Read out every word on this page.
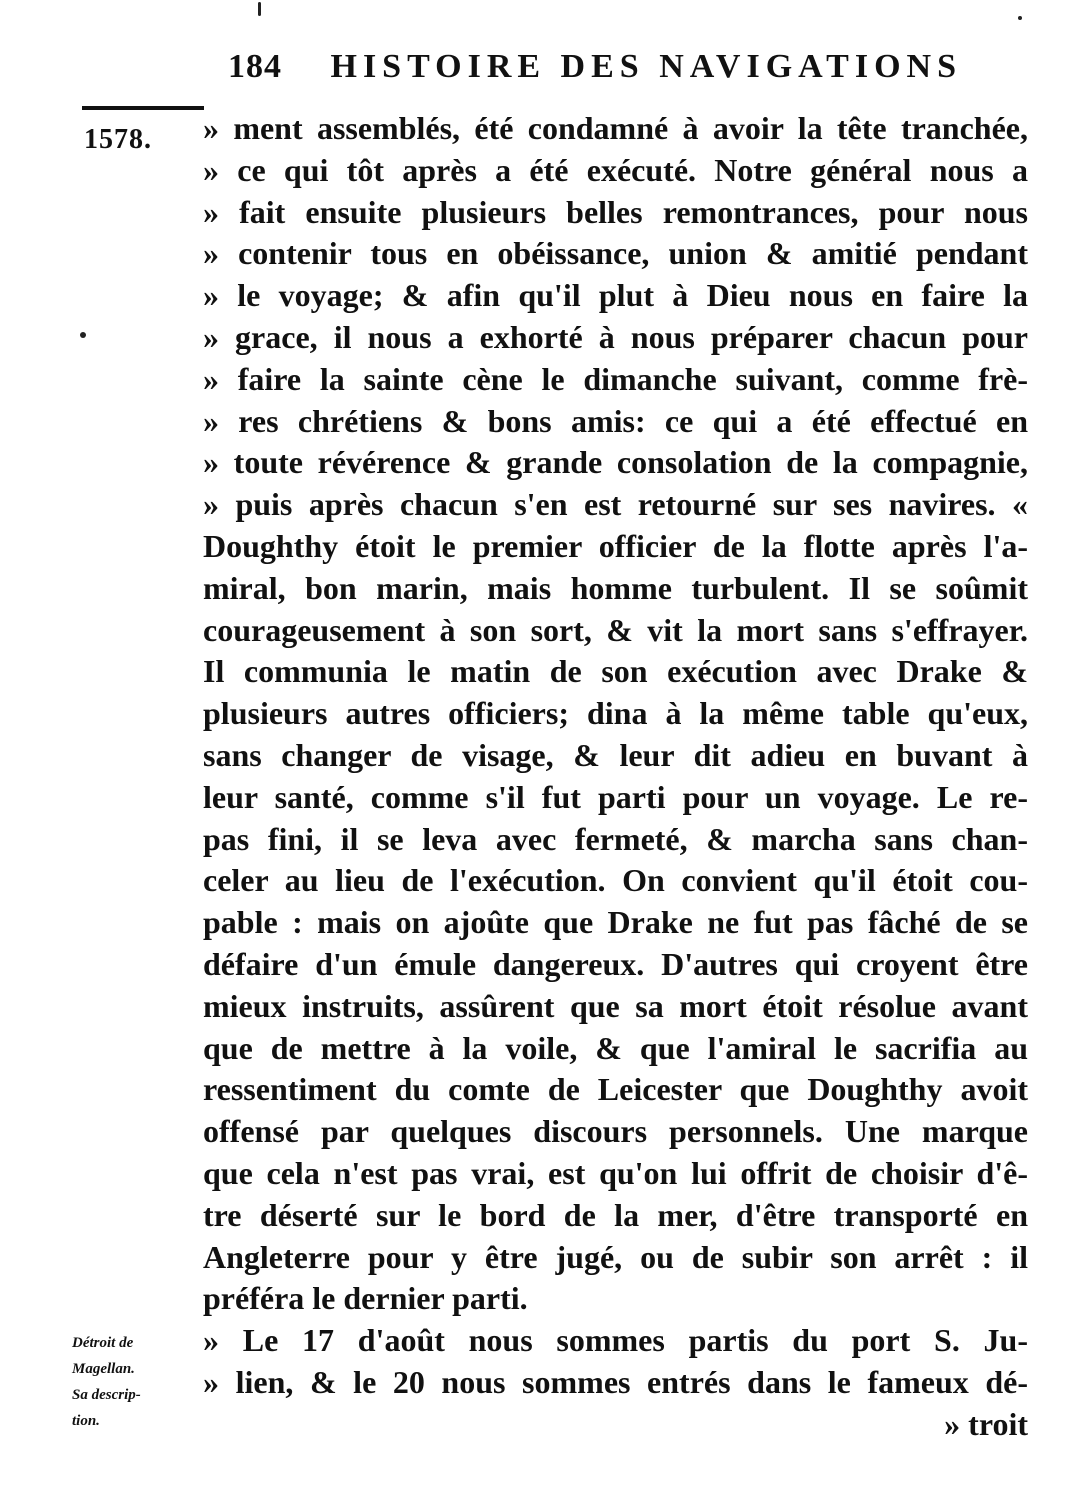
184 HISTOIRE DES NAVIGATIONS
1578. » ment assemblés, été condamné à avoir la tête tranchée,
» ce qui tôt après a été exécuté. Notre général nous a
» fait ensuite plusieurs belles remontrances, pour nous
» contenir tous en obéissance, union & amitié pendant
» le voyage; & afin qu'il plut à Dieu nous en faire la
» grace, il nous a exhorté à nous préparer chacun pour
» faire la sainte cène le dimanche suivant, comme frè-
» res chrétiens & bons amis: ce qui a été effectué en
» toute révérence & grande consolation de la compagnie,
» puis après chacun s'en est retourné sur ses navires. «
Doughthy étoit le premier officier de la flotte après l'a-
miral, bon marin, mais homme turbulent. Il se soûmit
courageusement à son sort, & vit la mort sans s'effrayer.
Il communia le matin de son exécution avec Drake &
plusieurs autres officiers; dina à la même table qu'eux,
sans changer de visage, & leur dit adieu en buvant à
leur santé, comme s'il fut parti pour un voyage. Le re-
pas fini, il se leva avec fermeté, & marcha sans chan-
celer au lieu de l'exécution. On convient qu'il étoit cou-
pable : mais on ajoûte que Drake ne fut pas fâché de se
défaire d'un émule dangereux. D'autres qui croyent être
mieux instruits, assûrent que sa mort étoit résolue avant
que de mettre à la voile, & que l'amiral le sacrifia au
ressentiment du comte de Leicester que Doughthy avoit
offensé par quelques discours personnels. Une marque
que cela n'est pas vrai, est qu'on lui offrit de choisir d'ê-
tre déserté sur le bord de la mer, d'être transporté en
Angleterre pour y être jugé, ou de subir son arrêt : il
préféra le dernier parti.
» Le 17 d'août nous sommes partis du port S. Ju-
» lien, & le 20 nous sommes entrés dans le fameux dé-
» troit
Détroit de
Magellan.
Sa descrip-
tion.
